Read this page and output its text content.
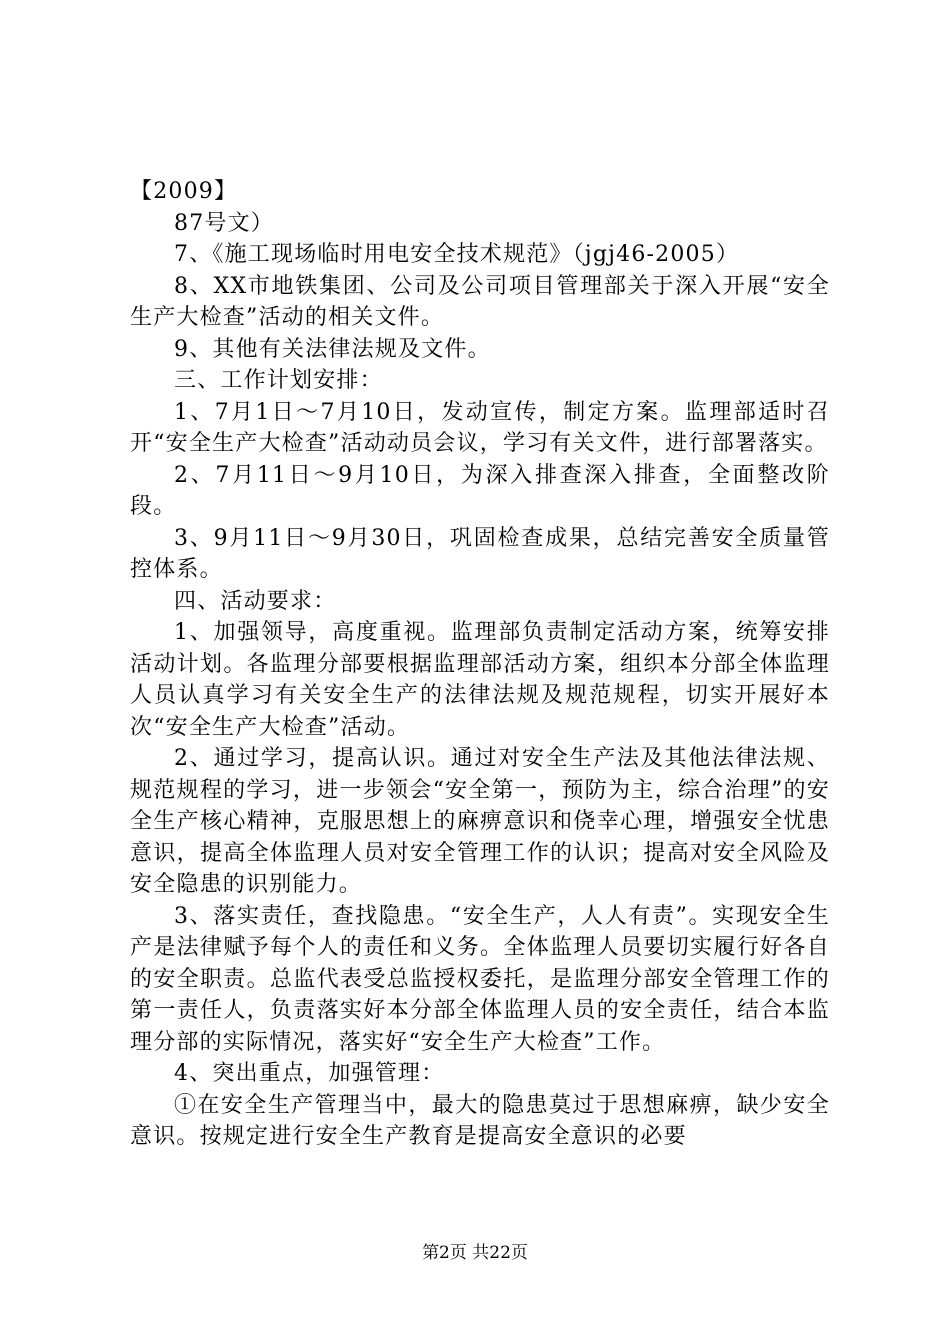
【2009】

87号文）

7、《施工现场临时用电安全技术规范》（jgj46-2005）

8、XX市地铁集团、公司及公司项目管理部关于深入开展“安全生产大检查”活动的相关文件。

9、其他有关法律法规及文件。

三、工作计划安排：

1、7月1日～7月10日，发动宣传，制定方案。监理部适时召开“安全生产大检查”活动动员会议，学习有关文件，进行部署落实。

2、7月11日～9月10日，为深入排查深入排查，全面整改阶段。

3、9月11日～9月30日，巩固检查成果，总结完善安全质量管控体系。

四、活动要求：

1、加强领导，高度重视。监理部负责制定活动方案，统筹安排活动计划。各监理分部要根据监理部活动方案，组织本分部全体监理人员认真学习有关安全生产的法律法规及规范规程，切实开展好本次“安全生产大检查”活动。

2、通过学习，提高认识。通过对安全生产法及其他法律法规、规范规程的学习，进一步领会“安全第一，预防为主，综合治理”的安全生产核心精神，克服思想上的麻痹意识和侥幸心理，增强安全忧患意识，提高全体监理人员对安全管理工作的认识；提高对安全风险及安全隐患的识别能力。

3、落实责任，查找隐患。“安全生产，人人有责”。实现安全生产是法律赋予每个人的责任和义务。全体监理人员要切实履行好各自的安全职责。总监代表受总监授权委托，是监理分部安全管理工作的第一责任人，负责落实好本分部全体监理人员的安全责任，结合本监理分部的实际情况，落实好“安全生产大检查”工作。

4、突出重点，加强管理：

①在安全生产管理当中，最大的隐患莫过于思想麻痹，缺少安全意识。按规定进行安全生产教育是提高安全意识的必要

第2页 共22页
